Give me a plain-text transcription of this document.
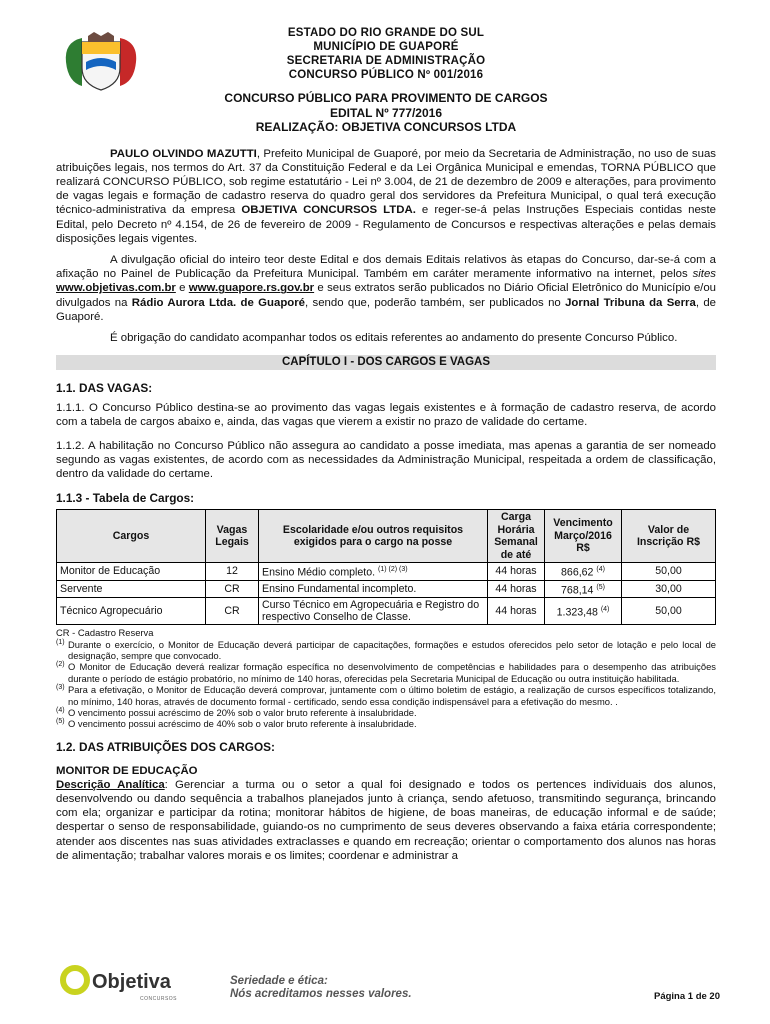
ESTADO DO RIO GRANDE DO SUL
MUNICÍPIO DE GUAPORÉ
SECRETARIA DE ADMINISTRAÇÃO
CONCURSO PÚBLICO Nº 001/2016
CONCURSO PÚBLICO PARA PROVIMENTO DE CARGOS
EDITAL Nº 777/2016
REALIZAÇÃO: OBJETIVA CONCURSOS LTDA

PAULO OLVINDO MAZUTTI, Prefeito Municipal de Guaporé, por meio da Secretaria de Administração, no uso de suas atribuições legais, nos termos do Art. 37 da Constituição Federal e da Lei Orgânica Municipal e emendas, TORNA PÚBLICO que realizará CONCURSO PÚBLICO, sob regime estatutário - Lei nº 3.004, de 21 de dezembro de 2009 e alterações, para provimento de vagas legais e formação de cadastro reserva do quadro geral dos servidores da Prefeitura Municipal, o qual terá execução técnico-administrativa da empresa OBJETIVA CONCURSOS LTDA. e reger-se-á pelas Instruções Especiais contidas neste Edital, pelo Decreto nº 4.154, de 26 de fevereiro de 2009 - Regulamento de Concursos e respectivas alterações e pelas demais disposições legais vigentes.

A divulgação oficial do inteiro teor deste Edital e dos demais Editais relativos às etapas do Concurso, dar-se-á com a afixação no Painel de Publicação da Prefeitura Municipal. Também em caráter meramente informativo na internet, pelos sites www.objetivas.com.br e www.guapore.rs.gov.br e seus extratos serão publicados no Diário Oficial Eletrônico do Município e/ou divulgados na Rádio Aurora Ltda. de Guaporé, sendo que, poderão também, ser publicados no Jornal Tribuna da Serra, de Guaporé.

É obrigação do candidato acompanhar todos os editais referentes ao andamento do presente Concurso Público.

CAPÍTULO I - DOS CARGOS E VAGAS
1.1. DAS VAGAS:

1.1.1. O Concurso Público destina-se ao provimento das vagas legais existentes e à formação de cadastro reserva, de acordo com a tabela de cargos abaixo e, ainda, das vagas que vierem a existir no prazo de validade do certame.

1.1.2. A habilitação no Concurso Público não assegura ao candidato a posse imediata, mas apenas a garantia de ser nomeado segundo as vagas existentes, de acordo com as necessidades da Administração Municipal, respeitada a ordem de classificação, dentro da validade do certame.

1.1.3 - Tabela de Cargos:
Cargos	Vagas Legais	Escolaridade e/ou outros requisitos exigidos para o cargo na posse	Carga Horária Semanal de até	Vencimento Março/2016 R$	Valor de Inscrição R$
Monitor de Educação	12	Ensino Médio completo. $^{(1) (2) (3)}$	44 horas	866,62 $^{(4)}$	50,00
Servente	CR	Ensino Fundamental incompleto.	44 horas	768,14 $^{(5)}$	30,00
Técnico Agropecuário	CR	Curso Técnico em Agropecuária e Registro do respectivo Conselho de Classe.	44 horas	1.323,48 $^{(4)}$	50,00
CR - Cadastro Reserva
(1) Durante o exercício, o Monitor de Educação deverá participar de capacitações, formações e estudos oferecidos pelo setor de lotação e pelo local de designação, sempre que convocado.
(2) O Monitor de Educação deverá realizar formação específica no desenvolvimento de competências e habilidades para o desempenho das atribuições durante o período de estágio probatório, no mínimo de 140 horas, oferecidas pela Secretaria Municipal de Educação ou outra instituição habilitada.
(3) Para a efetivação, o Monitor de Educação deverá comprovar, juntamente com o último boletim de estágio, a realização de cursos específicos totalizando, no mínimo, 140 horas, através de documento formal - certificado, sendo essa condição indispensável para a efetivação do mesmo. .
(4) O vencimento possui acréscimo de 20% sob o valor bruto referente à insalubridade.
(5) O vencimento possui acréscimo de 40% sob o valor bruto referente à insalubridade.
1.2. DAS ATRIBUIÇÕES DOS CARGOS:
MONITOR DE EDUCAÇÃO

Descrição Analítica: Gerenciar a turma ou o setor a qual foi designado e todos os pertences individuais dos alunos, desenvolvendo ou dando sequência a trabalhos planejados junto à criança, sendo afetuoso, transmitindo segurança, brincando com ela; organizar e participar da rotina; monitorar hábitos de higiene, de boas maneiras, de educação informal e de saúde; despertar o senso de responsabilidade, guiando-os no cumprimento de seus deveres observando a faixa etária correspondente; atender aos discentes nas suas atividades extraclasses e quando em recreação; orientar o comportamento dos alunos nas horas de alimentação; trabalhar valores morais e os limites; coordenar e administrar a

Objetiva
CONCURSOS
Seriedade e ética:
Nós acreditamos nesses valores.	Página 1 de 20
